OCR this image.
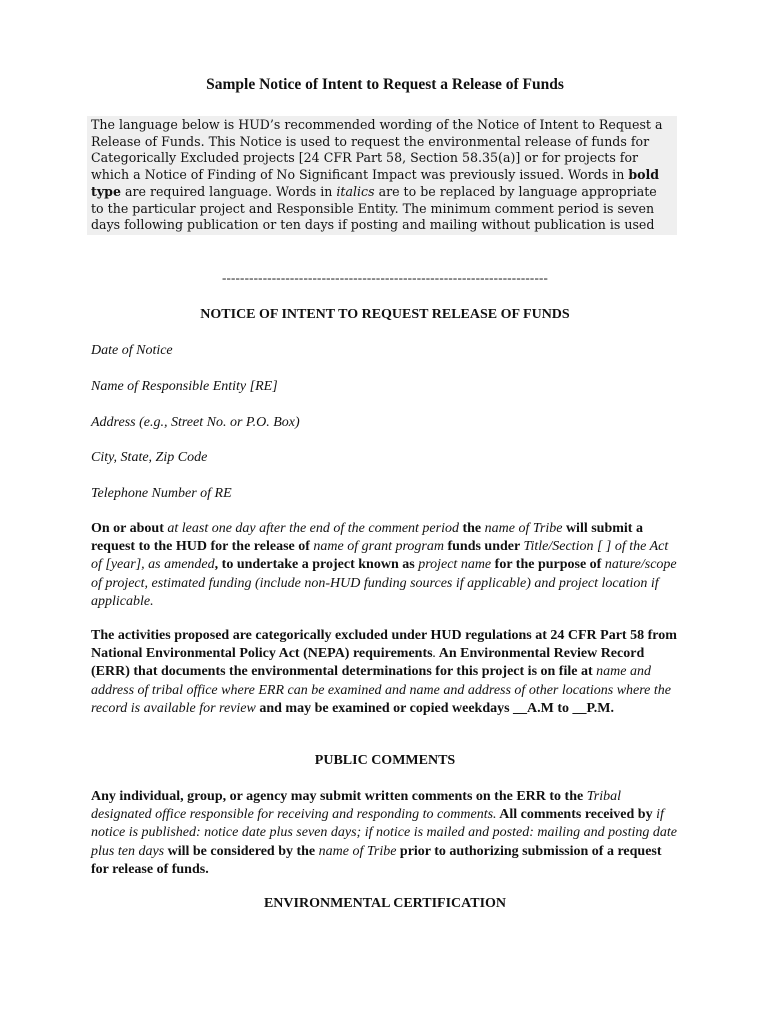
Sample Notice of Intent to Request a Release of Funds
The language below is HUD’s recommended wording of the Notice of Intent to Request a Release of Funds. This Notice is used to request the environmental release of funds for Categorically Excluded projects [24 CFR Part 58, Section 58.35(a)] or for projects for which a Notice of Finding of No Significant Impact was previously issued. Words in bold type are required language. Words in italics are to be replaced by language appropriate to the particular project and Responsible Entity. The minimum comment period is seven days following publication or ten days if posting and mailing without publication is used
------------------------------------------------------------------------
NOTICE OF INTENT TO REQUEST RELEASE OF FUNDS
Date of Notice
Name of Responsible Entity [RE]
Address (e.g., Street No. or P.O. Box)
City, State, Zip Code
Telephone Number of RE
On or about at least one day after the end of the comment period the name of Tribe will submit a request to the HUD for the release of name of grant program funds under Title/Section [ ] of the Act of [year], as amended, to undertake a project known as project name for the purpose of nature/scope of project, estimated funding (include non-HUD funding sources if applicable) and project location if applicable.
The activities proposed are categorically excluded under HUD regulations at 24 CFR Part 58 from National Environmental Policy Act (NEPA) requirements. An Environmental Review Record (ERR) that documents the environmental determinations for this project is on file at name and address of tribal office where ERR can be examined and name and address of other locations where the record is available for review and may be examined or copied weekdays __A.M to __P.M.
PUBLIC COMMENTS
Any individual, group, or agency may submit written comments on the ERR to the Tribal designated office responsible for receiving and responding to comments. All comments received by if notice is published: notice date plus seven days; if notice is mailed and posted: mailing and posting date plus ten days will be considered by the name of Tribe prior to authorizing submission of a request for release of funds.
ENVIRONMENTAL CERTIFICATION
